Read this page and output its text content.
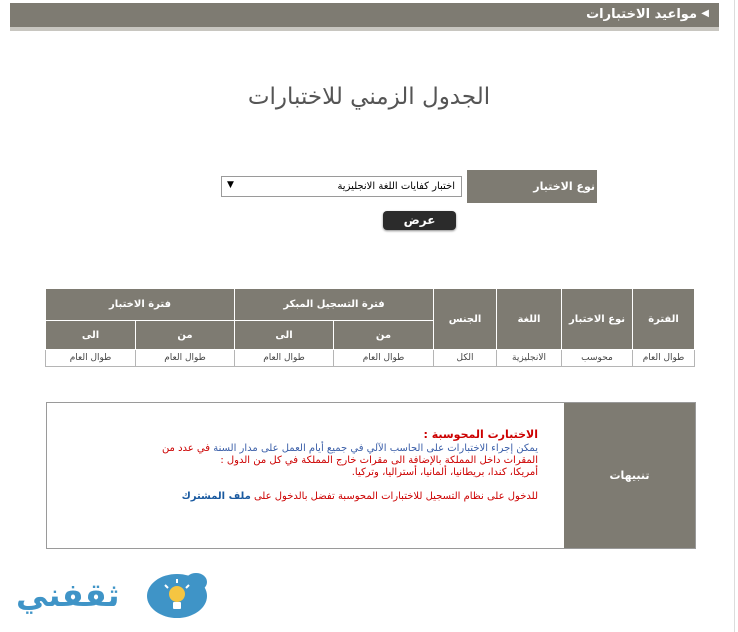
◀
مواعيد الاختبارات
الجدول الزمني للاختبارات
نوع الاختبار
اختبار كفايات اللغة الانجليزية
▼
عرض
الفترة	نوع الاختبار	اللغة	الجنس	فترة التسجيل المبكر		فترة الاختبار	
				من	الى	من	الى
طوال العام	محوسب	الانجليزية	الكل	طوال العام	طوال العام	طوال العام	طوال العام
تنبيهات
الاختبارت المحوسبة :
يمكن إجراء الاختبارات على الحاسب الآلي في جميع أيام العمل على مدار السنة في عدد من
المقرات داخل المملكة بالإضافة الى مقرات خارج المملكة في كل من الدول :
أمريكا، كندا، بريطانيا، ألمانيا، أستراليا، وتركيا.
للدخول على نظام التسجيل للاختبارات المحوسبة تفضل بالدخول على ملف المشترك
ثقفني
